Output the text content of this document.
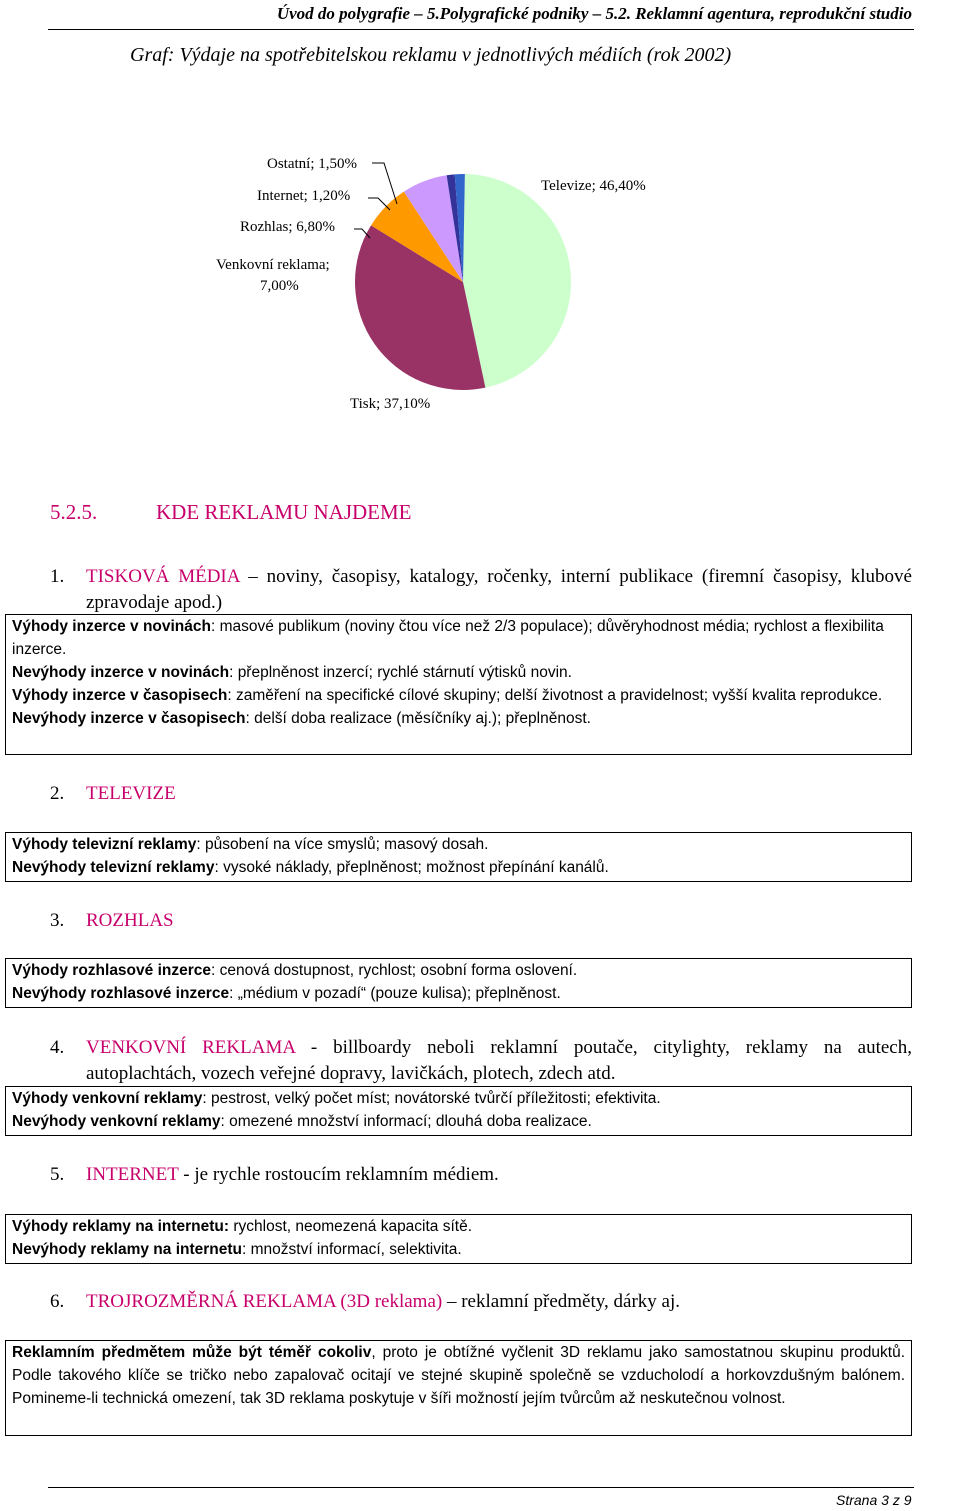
Úvod do polygrafie – 5.Polygrafické podniky – 5.2. Reklamní agentura, reprodukční studio
Graf: Výdaje na spotřebitelskou reklamu v jednotlivých médiích (rok 2002)
Ostatní; 1,50%
Internet; 1,20%
Rozhlas; 6,80%
Venkovní reklama;
7,00%
Televize; 46,40%
Tisk; 37,10%
5.2.5.	KDE REKLAMU NAJDEME
1. TISKOVÁ MÉDIA – noviny, časopisy, katalogy, ročenky, interní publikace (firemní časopisy, klubové zpravodaje apod.)

Výhody inzerce v novinách: masové publikum (noviny čtou více než 2/3 populace); důvěryhodnost média; rychlost a flexibilita inzerce.

Nevýhody inzerce v novinách: přeplněnost inzercí; rychlé stárnutí výtisků novin.

Výhody inzerce v časopisech: zaměření na specifické cílové skupiny; delší životnost a pravidelnost; vyšší kvalita reprodukce.

Nevýhody inzerce v časopisech: delší doba realizace (měsíčníky aj.); přeplněnost.

2. TELEVIZE

Výhody televizní reklamy: působení na více smyslů; masový dosah.

Nevýhody televizní reklamy: vysoké náklady, přeplněnost; možnost přepínání kanálů.

3. ROZHLAS

Výhody rozhlasové inzerce: cenová dostupnost, rychlost; osobní forma oslovení.

Nevýhody rozhlasové inzerce: „médium v pozadí“ (pouze kulisa); přeplněnost.

4. VENKOVNÍ REKLAMA - billboardy neboli reklamní poutače, citylighty, reklamy na autech, autoplachtách, vozech veřejné dopravy, lavičkách, plotech, zdech atd.

Výhody venkovní reklamy: pestrost, velký počet míst; novátorské tvůrčí příležitosti; efektivita.

Nevýhody venkovní reklamy: omezené množství informací; dlouhá doba realizace.

5. INTERNET - je rychle rostoucím reklamním médiem.

Výhody reklamy na internetu: rychlost, neomezená kapacita sítě.

Nevýhody reklamy na internetu: množství informací, selektivita.

6. TROJROZMĚRNÁ REKLAMA (3D reklama) – reklamní předměty, dárky aj.

Reklamním předmětem může být téměř cokoliv, proto je obtížné vyčlenit 3D reklamu jako samostatnou skupinu produktů. Podle takového klíče se tričko nebo zapalovač ocitají ve stejné skupině společně se vzducholodí a horkovzdušným balónem. Pomineme-li technická omezení, tak 3D reklama poskytuje v šíři možností jejím tvůrcům až neskutečnou volnost.

Strana 3 z 9
